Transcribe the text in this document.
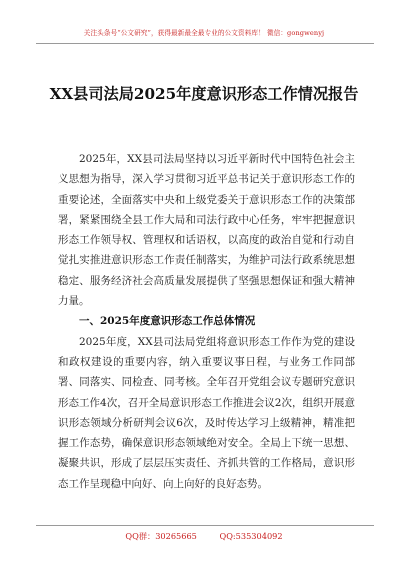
关注头条号“公文研究”，获得最新最全最专业的公文资料库！ 微信：gongwenyj
XX县司法局2025年度意识形态工作情况报告

2025年，XX县司法局坚持以习近平新时代中国特色社会主义思想为指导，深入学习贯彻习近平总书记关于意识形态工作的重要论述，全面落实中央和上级党委关于意识形态工作的决策部署，紧紧围绕全县工作大局和司法行政中心任务，牢牢把握意识形态工作领导权、管理权和话语权，以高度的政治自觉和行动自觉扎实推进意识形态工作责任制落实，为维护司法行政系统思想稳定、服务经济社会高质量发展提供了坚强思想保证和强大精神力量。

一、2025年度意识形态工作总体情况

2025年度，XX县司法局党组将意识形态工作作为党的建设和政权建设的重要内容，纳入重要议事日程，与业务工作同部署、同落实、同检查、同考核。全年召开党组会议专题研究意识形态工作4次，召开全局意识形态工作推进会议2次，组织开展意识形态领域分析研判会议6次，及时传达学习上级精神，精准把握工作态势，确保意识形态领域绝对安全。全局上下统一思想、凝聚共识，形成了层层压实责任、齐抓共管的工作格局，意识形态工作呈现稳中向好、向上向好的良好态势。

QQ群：30265665	QQ:535304092
